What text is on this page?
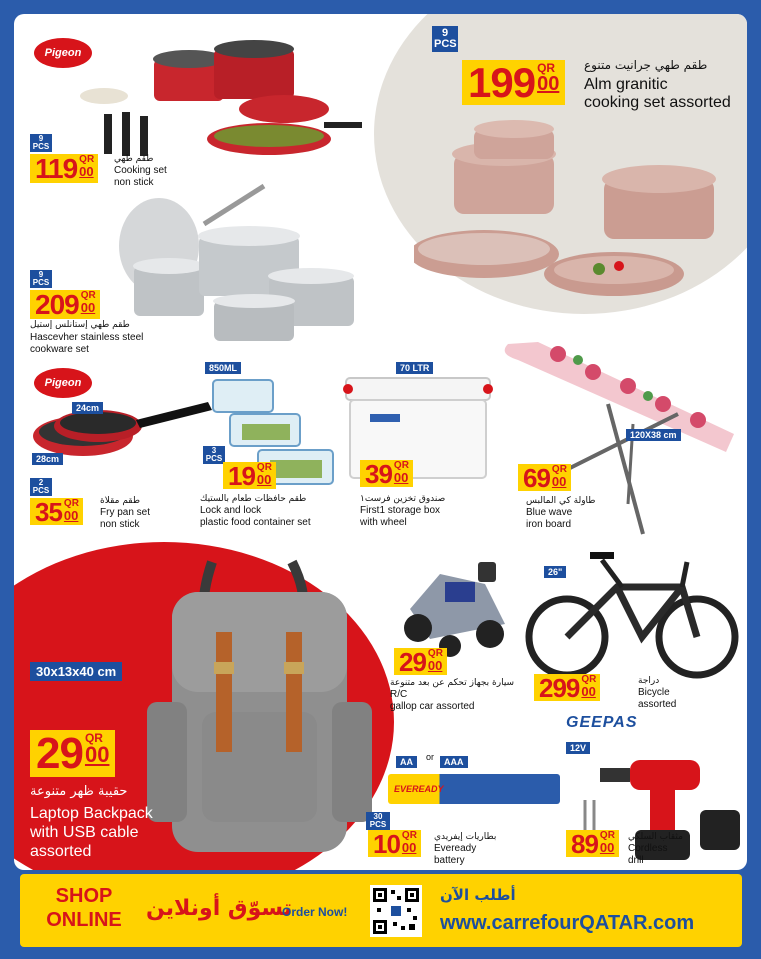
Pigeon
9 PCS
119 QR
00
طقم طهي
Cooking set
non stick
9 PCS
199 QR
00
طقم طهي جرانيت متنوع
Alm granitic
cooking set assorted
9 PCS
209 QR
00
طقم طهي إستانلس إستيل
Hascevher stainless steel
cookware set
Pigeon
24cm
28cm
2 PCS
35 QR
00
طقم مقلاة
Fry pan set
non stick
850ML
3 PCS
19 QR
00
طقم حافظات طعام بالستيك
Lock and lock
plastic food container set
70 LTR
39 QR
00
صندوق تخزين فرست١
First1 storage box
with wheel
120X38 cm
69 QR
00
طاولة كي المالبس
Blue wave
iron board
30x13x40 cm
29 QR
00
حقيبة ظهر متنوعة
Laptop Backpack
with USB cable
assorted
29 QR
00
سيارة بجهاز تحكم عن بعد متنوعة
R/C
gallop car assorted
26"
299 QR
00
دراجة
Bicycle
assorted
AA	or	AAA
EVEREADY
30 PCS
10 QR
00
بطاريات إيفريدي
Eveready
battery
GEEPAS
12V
89 QR
00
مثقاب السلكي
Cordless
drill
SHOP
ONLINE	تسوّق أونلاين
Order Now!
أطلب الآن
www.carrefourQATAR.com
